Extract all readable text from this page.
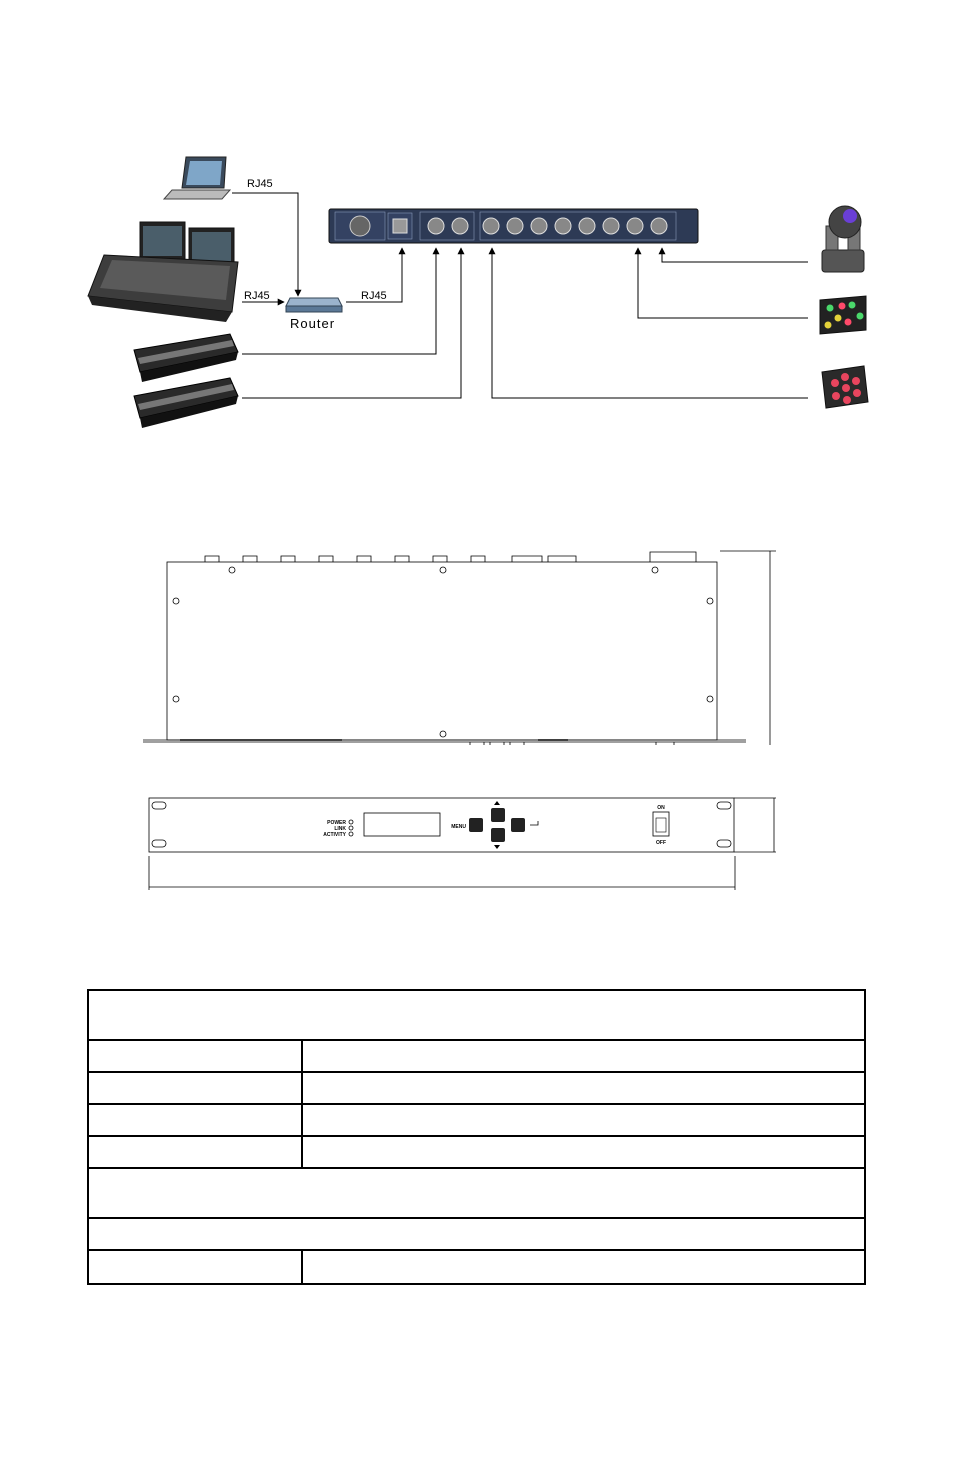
Router
RJ45
RJ45	RJ45
POWER
LINK
ACTIVITY
MENU
ON
OFF
